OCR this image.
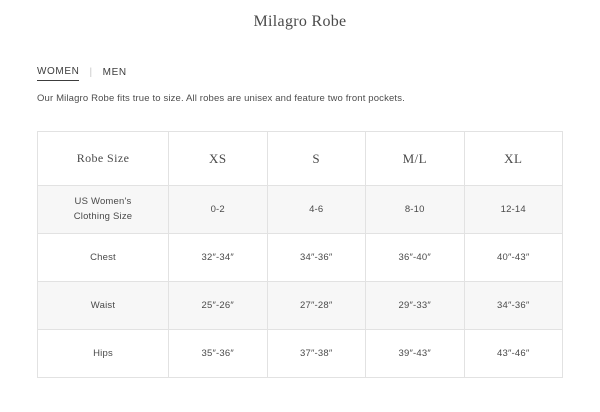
Milagro Robe
WOMEN | MEN
Our Milagro Robe fits true to size. All robes are unisex and feature two front pockets.
Robe Size	XS	S	M/L	XL
US Women's
Clothing Size	0-2	4-6	8-10	12-14
Chest	32″-34″	34″-36″	36″-40″	40″-43″
Waist	25″-26″	27″-28″	29″-33″	34″-36″
Hips	35″-36″	37″-38″	39″-43″	43″-46″
